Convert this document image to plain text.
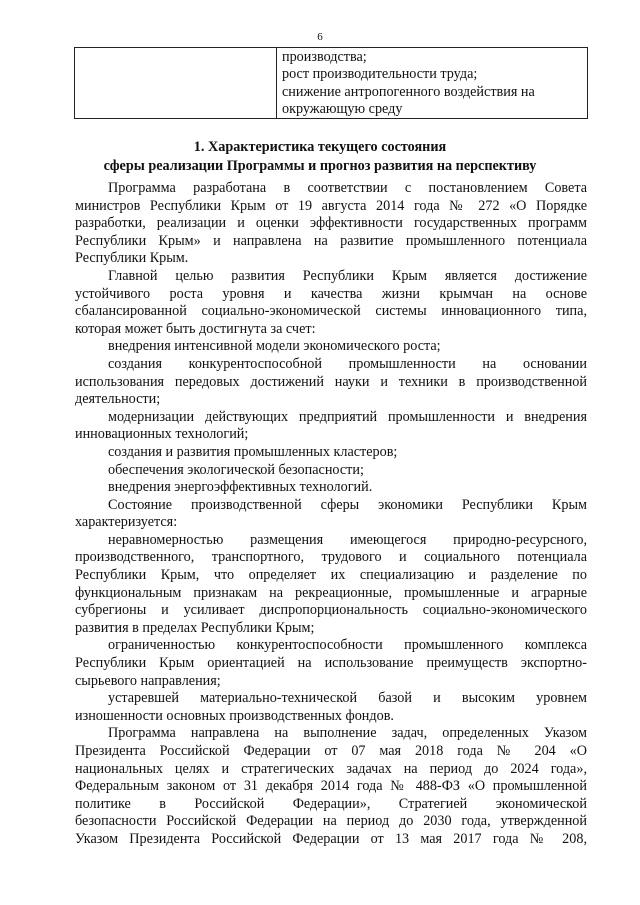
6

производства;
рост производительности труда;
снижение антропогенного воздействия на
окружающую среду
1. Характеристика текущего состояния
сферы реализации Программы и прогноз развития на перспективу
Программа разработана в соответствии с постановлением Совета
министров Республики Крым от 19 августа 2014 года № 272 «О Порядке
разработки, реализации и оценки эффективности государственных программ
Республики Крым» и направлена на развитие промышленного потенциала
Республики Крым.
Главной целью развития Республики Крым является достижение
устойчивого роста уровня и качества жизни крымчан на основе
сбалансированной социально-экономической системы инновационного типа,
которая может быть достигнута за счет:
внедрения интенсивной модели экономического роста;
создания конкурентоспособной промышленности на основании
использования передовых достижений науки и техники в производственной
деятельности;
модернизации действующих предприятий промышленности и внедрения
инновационных технологий;
создания и развития промышленных кластеров;
обеспечения экологической безопасности;
внедрения энергоэффективных технологий.
Состояние производственной сферы экономики Республики Крым
характеризуется:
неравномерностью размещения имеющегося природно-ресурсного,
производственного, транспортного, трудового и социального потенциала
Республики Крым, что определяет их специализацию и разделение по
функциональным признакам на рекреационные, промышленные и аграрные
субрегионы и усиливает диспропорциональность социально-экономического
развития в пределах Республики Крым;
ограниченностью конкурентоспособности промышленного комплекса
Республики Крым ориентацией на использование преимуществ экспортно-
сырьевого направления;
устаревшей материально-технической базой и высоким уровнем
изношенности основных производственных фондов.
Программа направлена на выполнение задач, определенных Указом
Президента Российской Федерации от 07 мая 2018 года № 204 «О
национальных целях и стратегических задачах на период до 2024 года»,
Федеральным законом от 31 декабря 2014 года № 488-ФЗ «О промышленной
политике в Российской Федерации», Стратегией экономической
безопасности Российской Федерации на период до 2030 года, утвержденной
Указом Президента Российской Федерации от 13 мая 2017 года № 208,
